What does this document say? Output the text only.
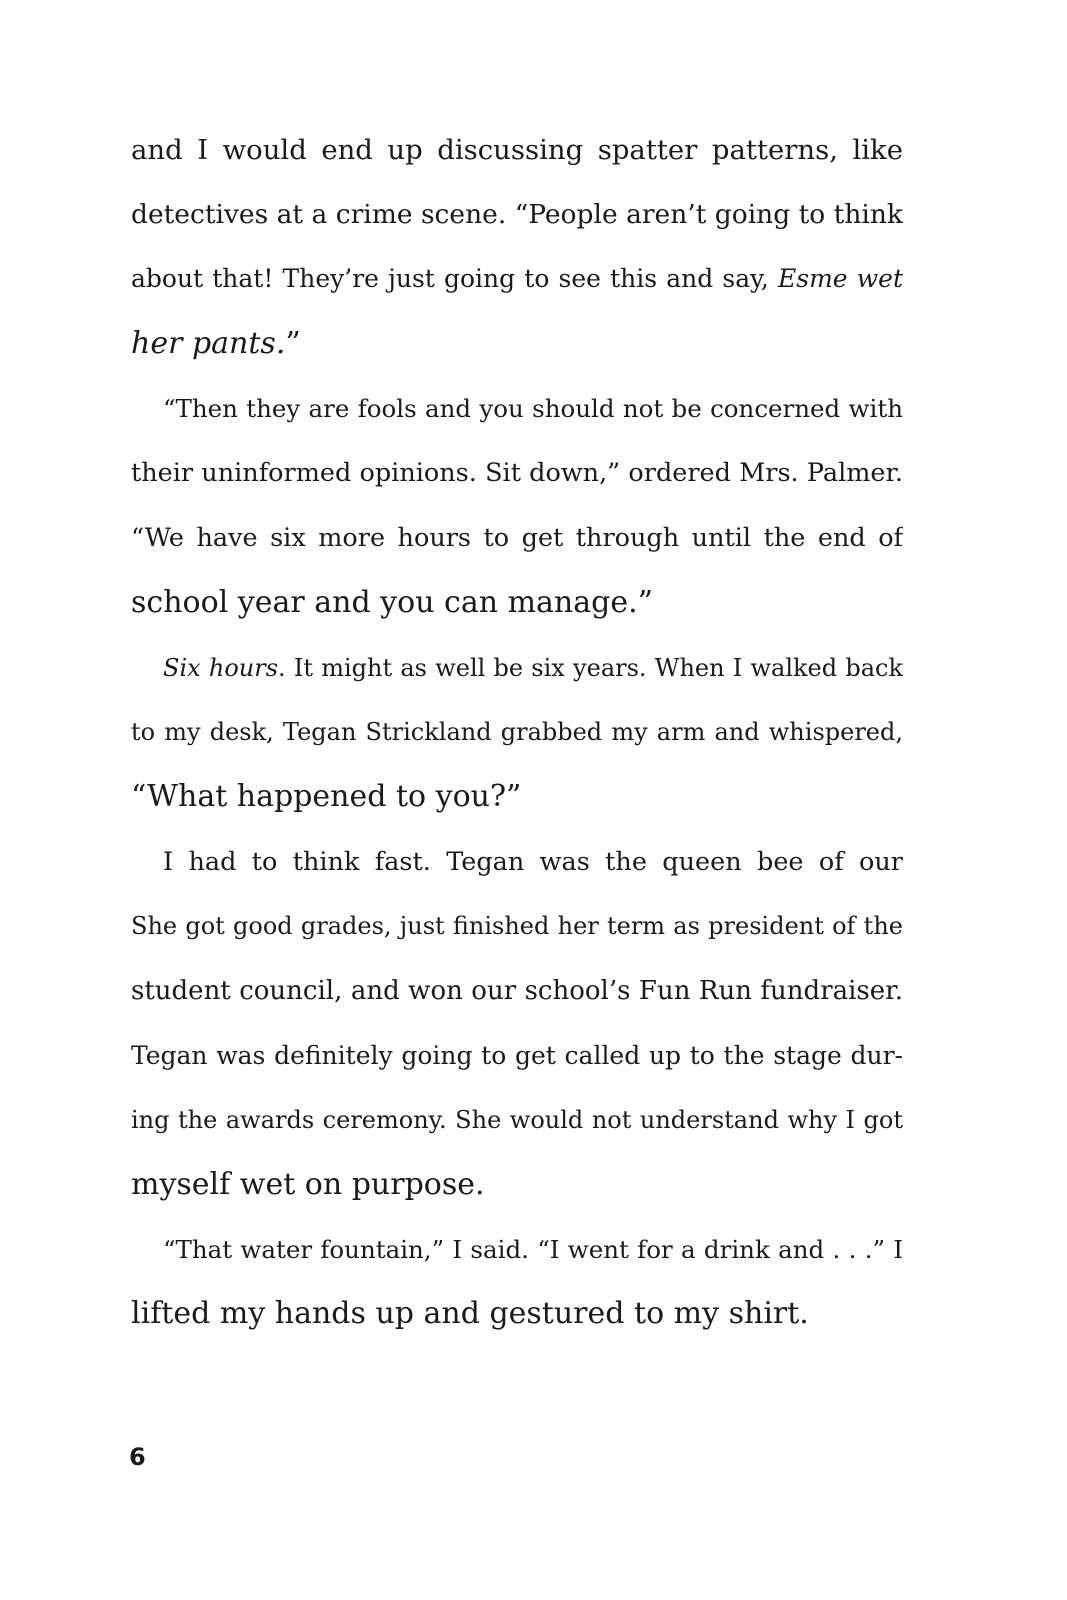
and I would end up discussing spatter patterns, like
detectives at a crime scene. “People aren’t going to think
about that! They’re just going to see this and say, Esme wet
her pants.”
“Then they are fools and you should not be concerned with
their uninformed opinions. Sit down,” ordered Mrs. Palmer.
“We have six more hours to get through until the end of
school year and you can manage.”
Six hours. It might as well be six years. When I walked back
to my desk, Tegan Strickland grabbed my arm and whispered,
“What happened to you?”
I had to think fast. Tegan was the queen bee of our
She got good grades, just finished her term as president of the
student council, and won our school’s Fun Run fundraiser.
Tegan was definitely going to get called up to the stage dur-
ing the awards ceremony. She would not understand why I got
myself wet on purpose.
“That water fountain,” I said. “I went for a drink and . . .” I
lifted my hands up and gestured to my shirt.
6
